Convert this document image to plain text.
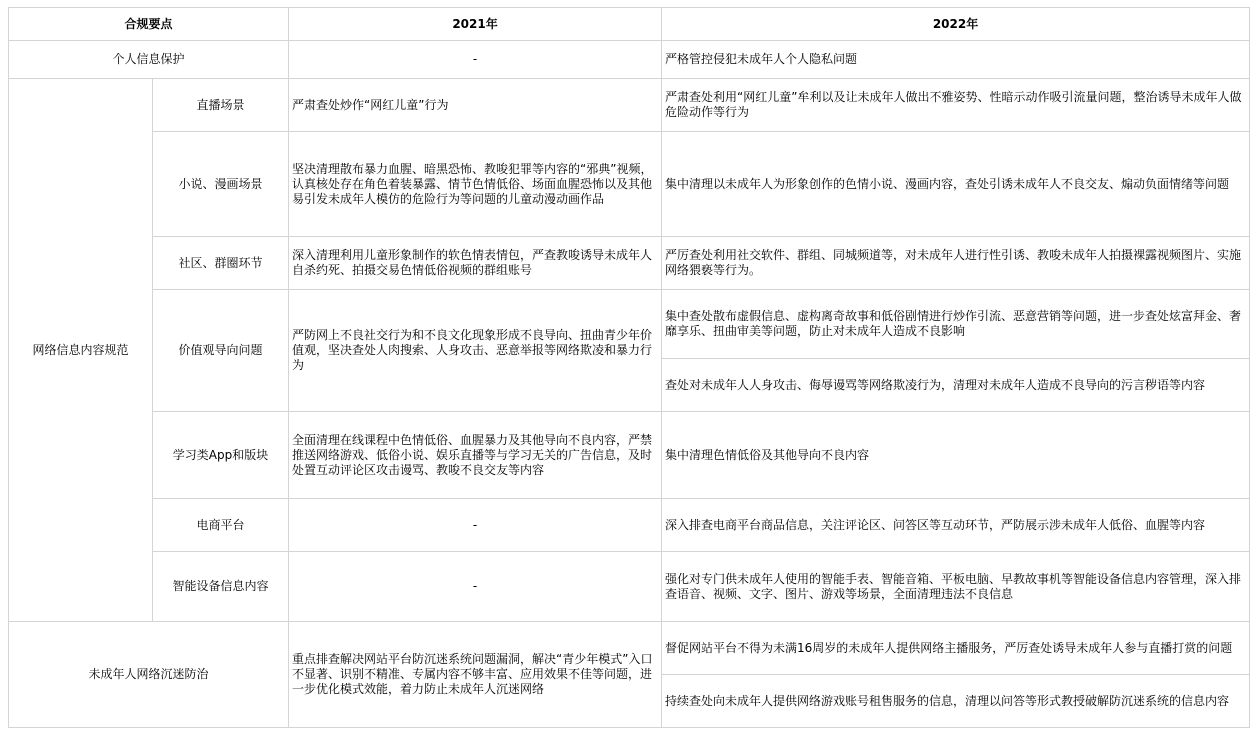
合规要点		2021年	2022年
个人信息保护		-	严格管控侵犯未成年人个人隐私问题
网络信息内容规范	直播场景	严肃查处炒作“网红儿童”行为	严肃查处利用“网红儿童”牟利以及让未成年人做出不雅姿势、性暗示动作吸引流量问题，整治诱导未成年人做危险动作等行为
	小说、漫画场景	坚决清理散布暴力血腥、暗黑恐怖、教唆犯罪等内容的“邪典”视频，认真核处存在角色着装暴露、情节色情低俗、场面血腥恐怖以及其他易引发未成年人模仿的危险行为等问题的儿童动漫动画作品	集中清理以未成年人为形象创作的色情小说、漫画内容，查处引诱未成年人不良交友、煽动负面情绪等问题
	社区、群圈环节	深入清理利用儿童形象制作的软色情表情包，严查教唆诱导未成年人自杀约死、拍摄交易色情低俗视频的群组账号	严厉查处利用社交软件、群组、同城频道等，对未成年人进行性引诱、教唆未成年人拍摄裸露视频图片、实施网络猥亵等行为。
	价值观导向问题	严防网上不良社交行为和不良文化现象形成不良导向、扭曲青少年价值观，坚决查处人肉搜索、人身攻击、恶意举报等网络欺凌和暴力行为	集中查处散布虚假信息、虚构离奇故事和低俗剧情进行炒作引流、恶意营销等问题，进一步查处炫富拜金、奢靡享乐、扭曲审美等问题，防止对未成年人造成不良影响
			查处对未成年人人身攻击、侮辱谩骂等网络欺凌行为，清理对未成年人造成不良导向的污言秽语等内容
	学习类App和版块	全面清理在线课程中色情低俗、血腥暴力及其他导向不良内容，严禁推送网络游戏、低俗小说、娱乐直播等与学习无关的广告信息，及时处置互动评论区攻击谩骂、教唆不良交友等内容	集中清理色情低俗及其他导向不良内容
	电商平台	-	深入排查电商平台商品信息，关注评论区、问答区等互动环节，严防展示涉未成年人低俗、血腥等内容
	智能设备信息内容	-	强化对专门供未成年人使用的智能手表、智能音箱、平板电脑、早教故事机等智能设备信息内容管理，深入排查语音、视频、文字、图片、游戏等场景，全面清理违法不良信息
未成年人网络沉迷防治		重点排查解决网站平台防沉迷系统问题漏洞，解决“青少年模式”入口不显著、识别不精准、专属内容不够丰富、应用效果不佳等问题，进一步优化模式效能，着力防止未成年人沉迷网络	督促网站平台不得为未满16周岁的未成年人提供网络主播服务，严厉查处诱导未成年人参与直播打赏的问题
			持续查处向未成年人提供网络游戏账号租售服务的信息，清理以问答等形式教授破解防沉迷系统的信息内容
